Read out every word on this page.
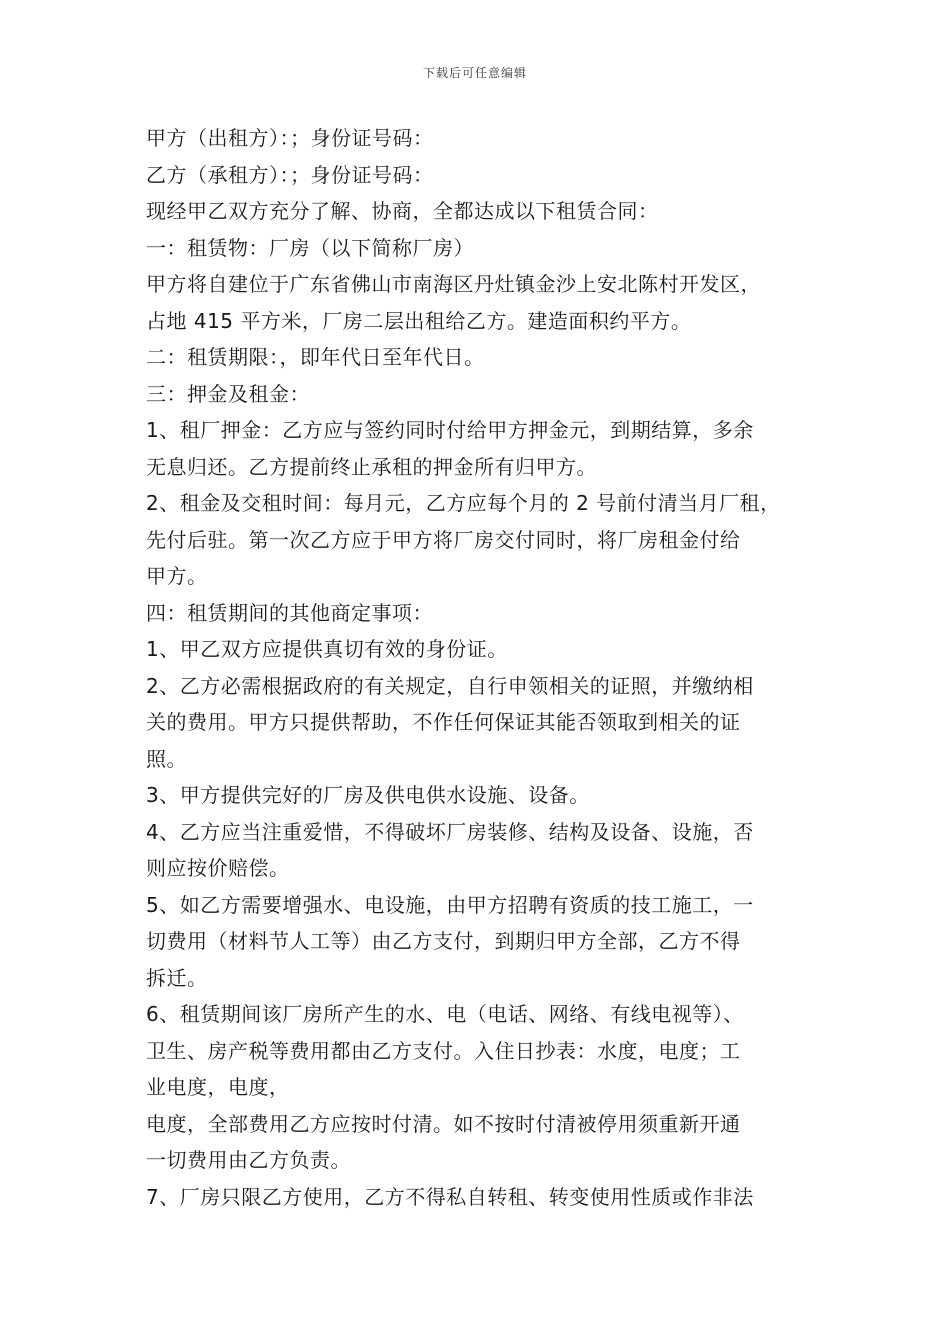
下载后可任意编辑
甲方（出租方）：；身份证号码：
乙方（承租方）：；身份证号码：
现经甲乙双方充分了解、协商，全都达成以下租赁合同：
一：租赁物：厂房（以下简称厂房）
甲方将自建位于广东省佛山市南海区丹灶镇金沙上安北陈村开发区，
占地 415 平方米，厂房二层出租给乙方。建造面积约平方。
二：租赁期限：，即年代日至年代日。
三：押金及租金：
1、租厂押金：乙方应与签约同时付给甲方押金元，到期结算，多余
无息归还。乙方提前终止承租的押金所有归甲方。
2、租金及交租时间：每月元，乙方应每个月的 2 号前付清当月厂租，
先付后驻。第一次乙方应于甲方将厂房交付同时，将厂房租金付给
甲方。
四：租赁期间的其他商定事项：
1、甲乙双方应提供真切有效的身份证。
2、乙方必需根据政府的有关规定，自行申领相关的证照，并缴纳相
关的费用。甲方只提供帮助，不作任何保证其能否领取到相关的证
照。
3、甲方提供完好的厂房及供电供水设施、设备。
4、乙方应当注重爱惜，不得破坏厂房装修、结构及设备、设施，否
则应按价赔偿。
5、如乙方需要增强水、电设施，由甲方招聘有资质的技工施工，一
切费用（材料节人工等）由乙方支付，到期归甲方全部，乙方不得
拆迁。
6、租赁期间该厂房所产生的水、电（电话、网络、有线电视等）、
卫生、房产税等费用都由乙方支付。入住日抄表：水度，电度；工
业电度，电度，
电度，全部费用乙方应按时付清。如不按时付清被停用须重新开通
一切费用由乙方负责。
7、厂房只限乙方使用，乙方不得私自转租、转变使用性质或作非法
